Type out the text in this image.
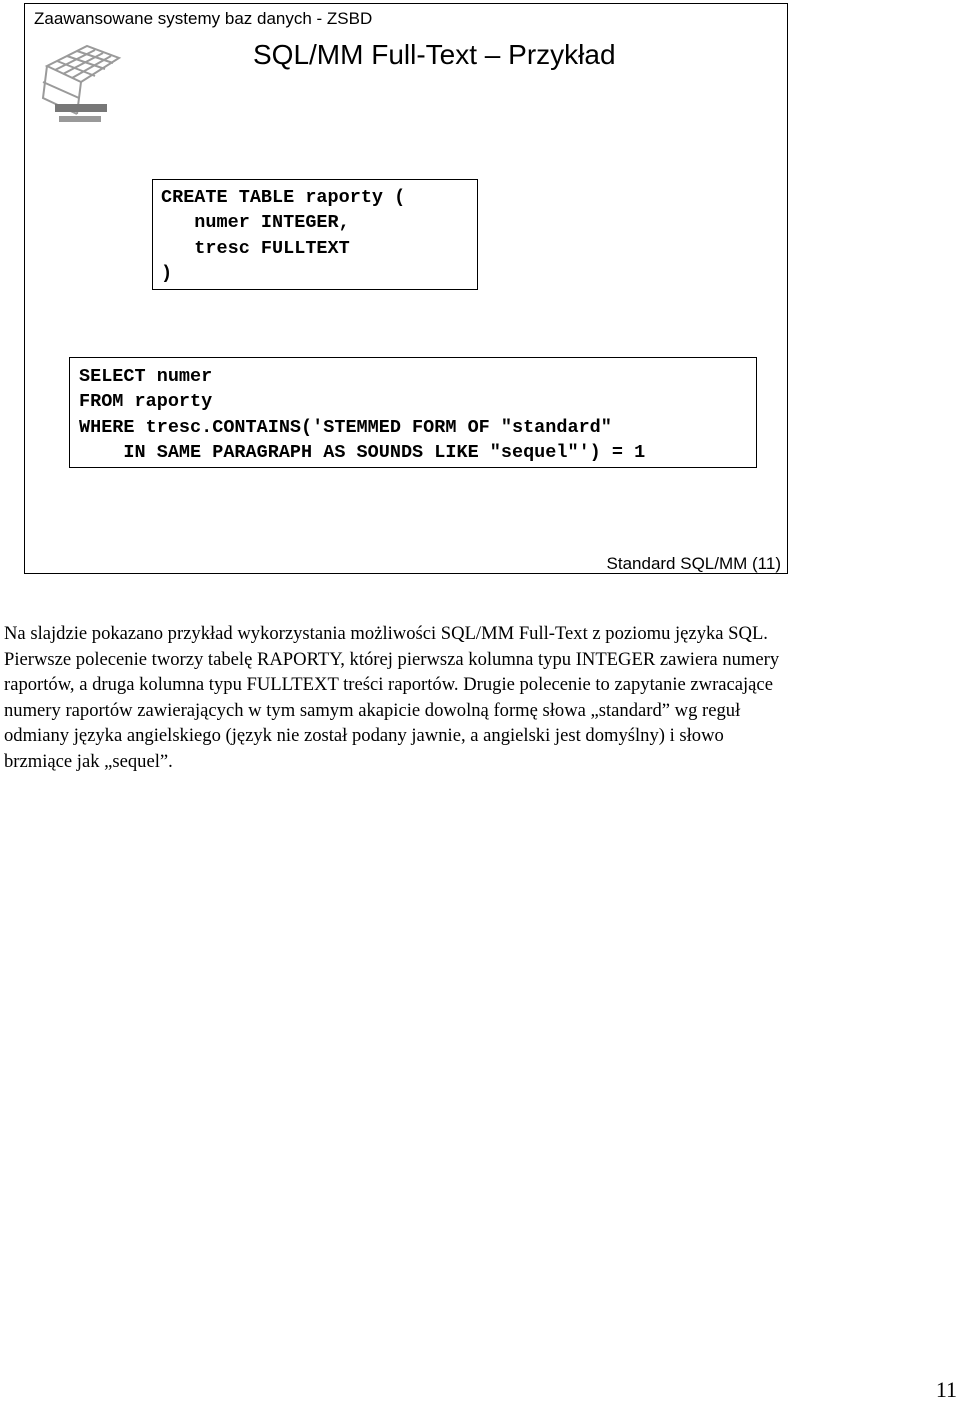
Zaawansowane systemy baz danych - ZSBD
SQL/MM Full-Text – Przykład
CREATE TABLE raporty (
numer INTEGER,
tresc FULLTEXT
)
SELECT numer
FROM raporty
WHERE tresc.CONTAINS('STEMMED FORM OF "standard"
IN SAME PARAGRAPH AS SOUNDS LIKE "sequel"') = 1
Standard SQL/MM (11)

Na slajdzie pokazano przykład wykorzystania możliwości SQL/MM Full-Text z poziomu języka SQL. Pierwsze polecenie tworzy tabelę RAPORTY, której pierwsza kolumna typu INTEGER zawiera numery raportów, a druga kolumna typu FULLTEXT treści raportów. Drugie polecenie to zapytanie zwracające numery raportów zawierających w tym samym akapicie dowolną formę słowa „standard” wg reguł odmiany języka angielskiego (język nie został podany jawnie, a angielski jest domyślny) i słowo brzmiące jak „sequel”.

11
